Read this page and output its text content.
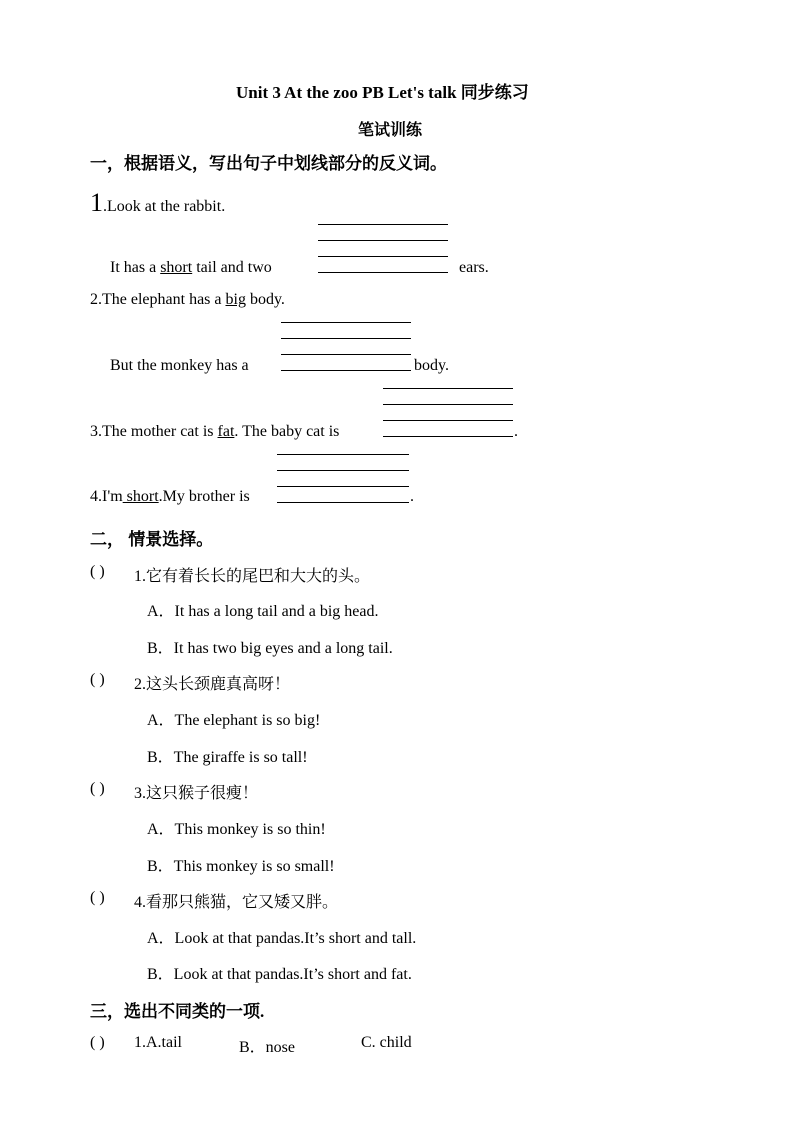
Unit 3 At the zoo PB Let's talk 同步练习
笔试训练
一，根据语义，写出句子中划线部分的反义词。
1.Look at the rabbit.
It has a short tail and two	ears.
2.The elephant has a big body.
But the monkey has a	body.
3.The mother cat is fat. The baby cat is	.
4.I'm short.My brother is	.
二， 情景选择。
( ) 1.它有着长长的尾巴和大大的头。
A．It has a long tail and a big head.
B．It has two big eyes and a long tail.
( ) 2.这头长颈鹿真高呀！
A．The elephant is so big!
B．The giraffe is so tall!
( ) 3.这只猴子很瘦！
A．This monkey is so thin!
B．This monkey is so small!
( ) 4.看那只熊猫，它又矮又胖。
A．Look at that pandas.It’s short and tall.
B．Look at that pandas.It’s short and fat.
三，选出不同类的一项.
( ) 1.A.tail	B．nose	C. child
